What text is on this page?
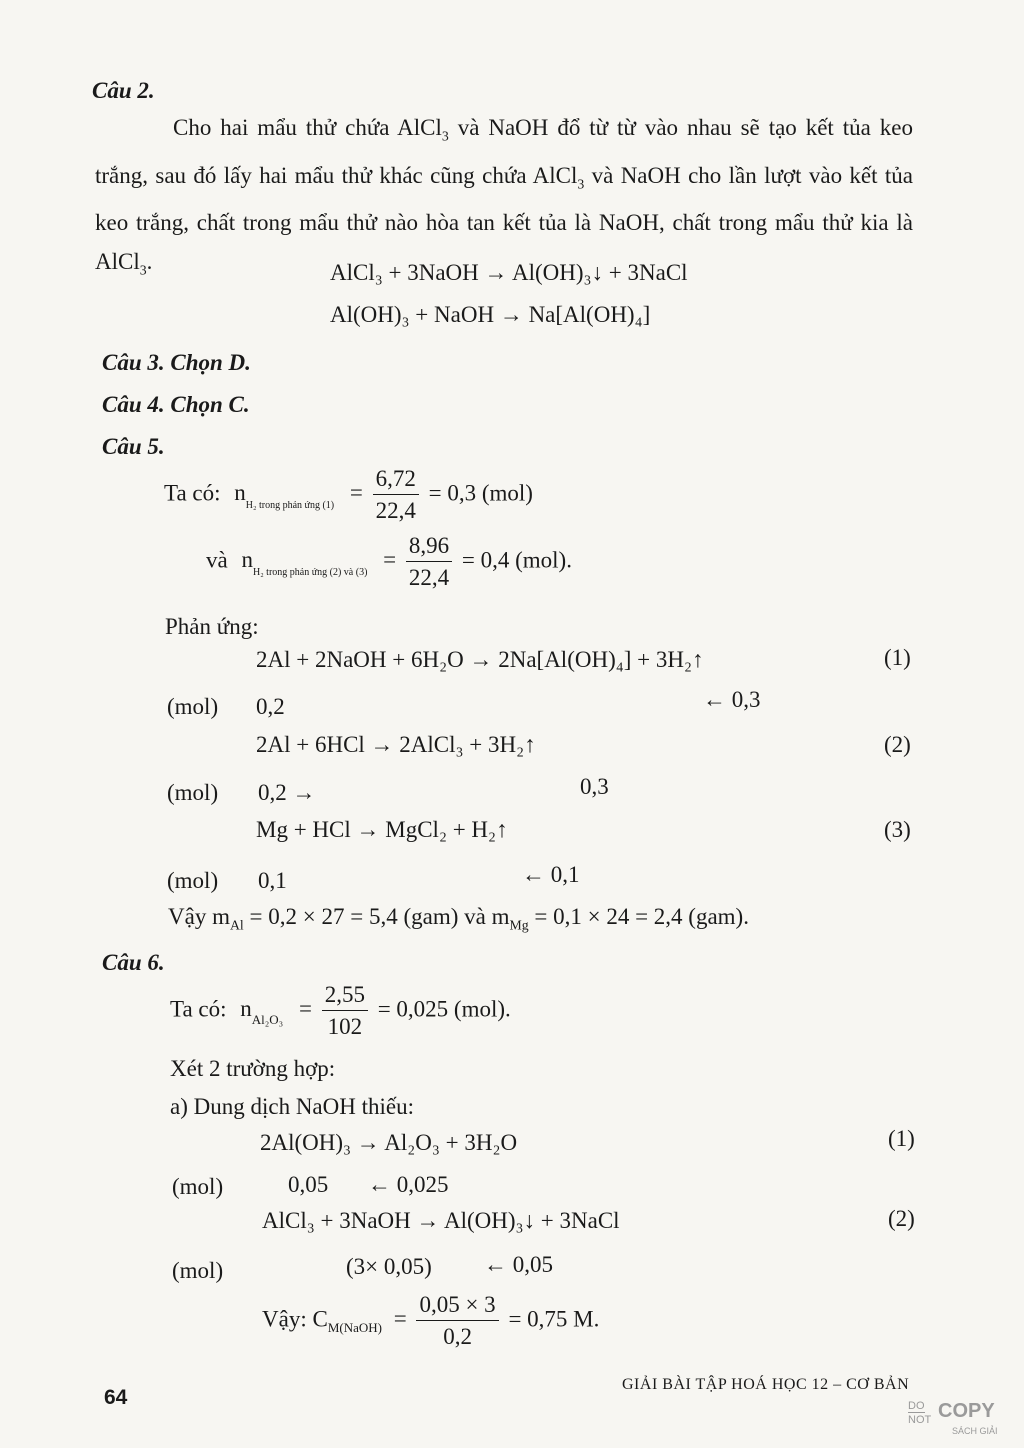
Câu 2.
Cho hai mẩu thử chứa AlCl$_3$ và NaOH đổ từ từ vào nhau sẽ tạo kết tủa keo trắng, sau đó lấy hai mẩu thử khác cũng chứa AlCl$_3$ và NaOH cho lần lượt vào kết tủa keo trắng, chất trong mẩu thử nào hòa tan kết tủa là NaOH, chất trong mẩu thử kia là AlCl$_3$.	AlCl₃ + 3NaOH → Al(OH)₃↓ + 3NaCl
Al(OH)₃ + NaOH → Na[Al(OH)₄]
Câu 3. Chọn D.
Câu 4. Chọn C.
Câu 5.
Ta có: $n_{H_2 trong phản ứng (1)} = \frac{6,72}{22,4} = 0,3$ (mol)
và $n_{H_2 trong phản ứng (2) và (3)} = \frac{8,96}{22,4} = 0,4$ (mol).
Phản ứng:
2Al + 2NaOH + 6H₂O → 2Na[Al(OH)₄] + 3H₂↑	(1)
(mol) 0,2	← 0,3
2Al + 6HCl → 2AlCl₃ + 3H₂↑	(2)
(mol) 0,2 →	0,3
Mg + HCl → MgCl₂ + H₂↑	(3)
(mol) 0,1	← 0,1
Vậy $m_{Al} = 0,2 \times 27 = 5,4$ (gam) và $m_{Mg} = 0,1 \times 24 = 2,4$ (gam).
Câu 6.
Ta có: $n_{Al_2O_3} = \frac{2,55}{102} = 0,025$ (mol).
Xét 2 trường hợp:
a) Dung dịch NaOH thiếu:
2Al(OH)₃ → Al₂O₃ + 3H₂O	(1)
(mol)	0,05 ← 0,025
AlCl₃ + 3NaOH → Al(OH)₃↓ + 3NaCl	(2)
(mol)	(3× 0,05) ← 0,05
Vậy: $C_{M(NaOH)} = \frac{0,05 \times 3}{0,2} = 0,75$ M.
64
GIẢI BÀI TẬP HOÁ HỌC 12 – CƠ BẢN
DO
NOT COPY
SÁCH GIẢI
